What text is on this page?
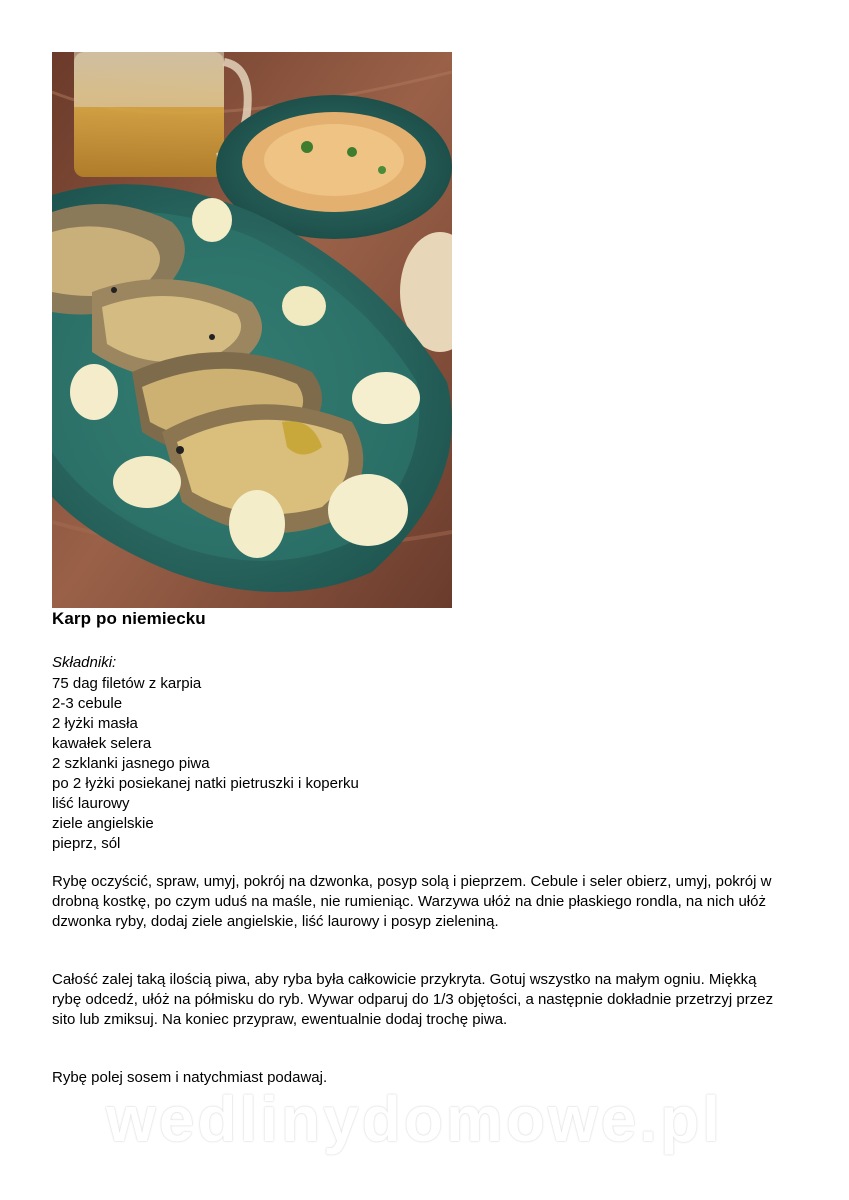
Karp po niemiecku
Składniki:
75 dag filetów z karpia
2-3 cebule
2 łyżki masła
kawałek selera
2 szklanki jasnego piwa
po 2 łyżki posiekanej natki pietruszki i koperku
liść laurowy
ziele angielskie
pieprz, sól

Rybę oczyścić, spraw, umyj, pokrój na dzwonka, posyp solą i pieprzem. Cebule i seler obierz, umyj, pokrój w drobną kostkę, po czym uduś na maśle, nie rumieniąc. Warzywa ułóż na dnie płaskiego rondla, na nich ułóż dzwonka ryby, dodaj ziele angielskie, liść laurowy i posyp zieleniną.

Całość zalej taką ilością piwa, aby ryba była całkowicie przykryta. Gotuj wszystko na małym ogniu. Miękką rybę odcedź, ułóż na półmisku do ryb. Wywar odparuj do 1/3 objętości, a następnie dokładnie przetrzyj przez sito lub zmiksuj. Na koniec przypraw, ewentualnie dodaj trochę piwa.

Rybę polej sosem i natychmiast podawaj.

wedlinydomowe.pl
